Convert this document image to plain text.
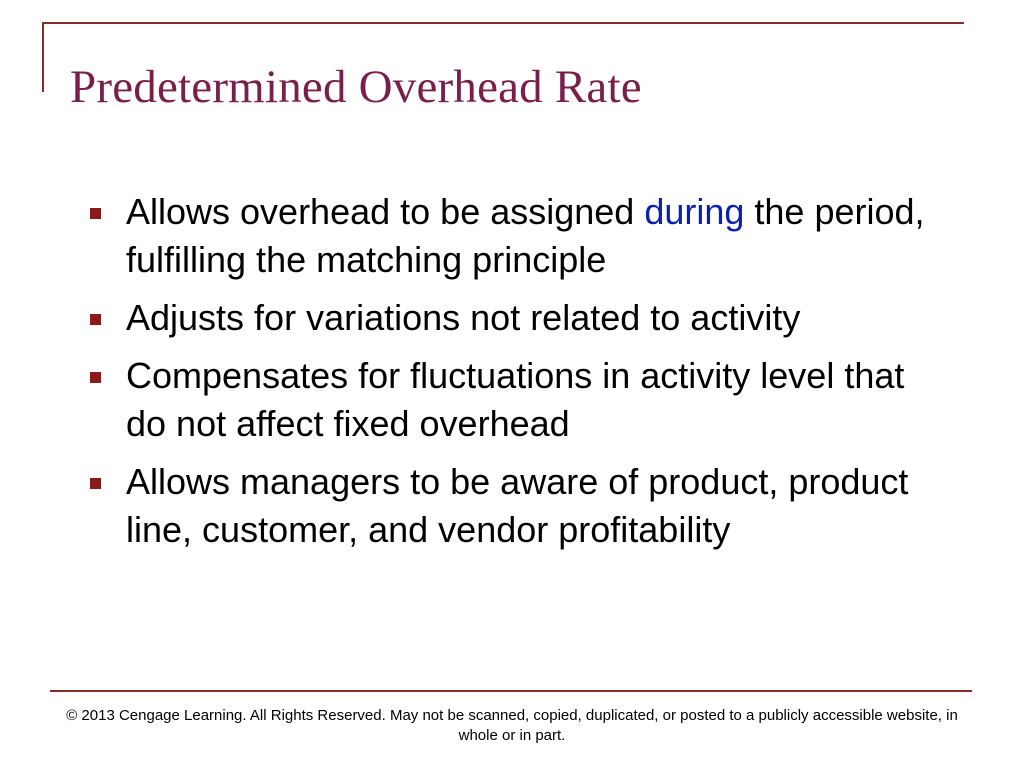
Predetermined Overhead Rate
Allows overhead to be assigned during the period, fulfilling the matching principle
Adjusts for variations not related to activity
Compensates for fluctuations in activity level that do not affect fixed overhead
Allows managers to be aware of product, product line, customer, and vendor profitability
© 2013 Cengage Learning. All Rights Reserved. May not be scanned, copied, duplicated, or posted to a publicly accessible website, in whole or in part.
